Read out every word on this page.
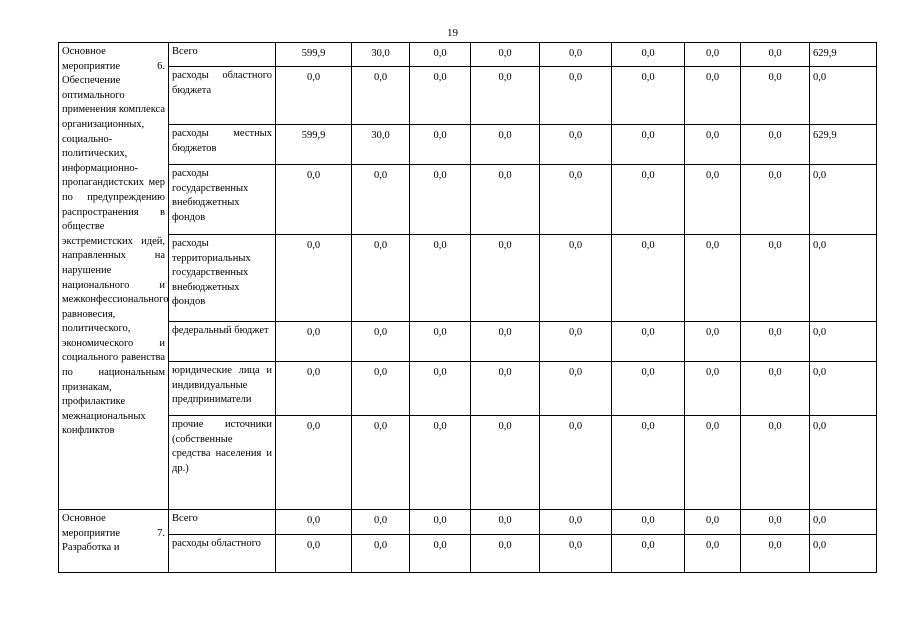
19
Основное мероприятие 6. Обеспечение оптимального применения комплекса организационных, социально-политических, информационно-пропагандистских мер по предупреждению распространения в обществе экстремистских идей, направленных на нарушение национального и межконфессионального равновесия, политического, экономического и социального равенства по национальным признакам, профилактике межнациональных конфликтов	Всего	599,9	30,0	0,0	0,0	0,0	0,0	0,0	0,0	629,9
	расходы областного бюджета	0,0	0,0	0,0	0,0	0,0	0,0	0,0	0,0	0,0
	расходы местных бюджетов	599,9	30,0	0,0	0,0	0,0	0,0	0,0	0,0	629,9
	расходы государственных внебюджетных фондов	0,0	0,0	0,0	0,0	0,0	0,0	0,0	0,0	0,0
	расходы территориальных государственных внебюджетных фондов	0,0	0,0	0,0	0,0	0,0	0,0	0,0	0,0	0,0
	федеральный бюджет	0,0	0,0	0,0	0,0	0,0	0,0	0,0	0,0	0,0
	юридические лица и индивидуальные предприниматели	0,0	0,0	0,0	0,0	0,0	0,0	0,0	0,0	0,0
	прочие источники (собственные средства населения и др.)	0,0	0,0	0,0	0,0	0,0	0,0	0,0	0,0	0,0

Основное мероприятие 7. Разработка и	Всего	0,0	0,0	0,0	0,0	0,0	0,0	0,0	0,0	0,0
	расходы областного	0,0	0,0	0,0	0,0	0,0	0,0	0,0	0,0	0,0
